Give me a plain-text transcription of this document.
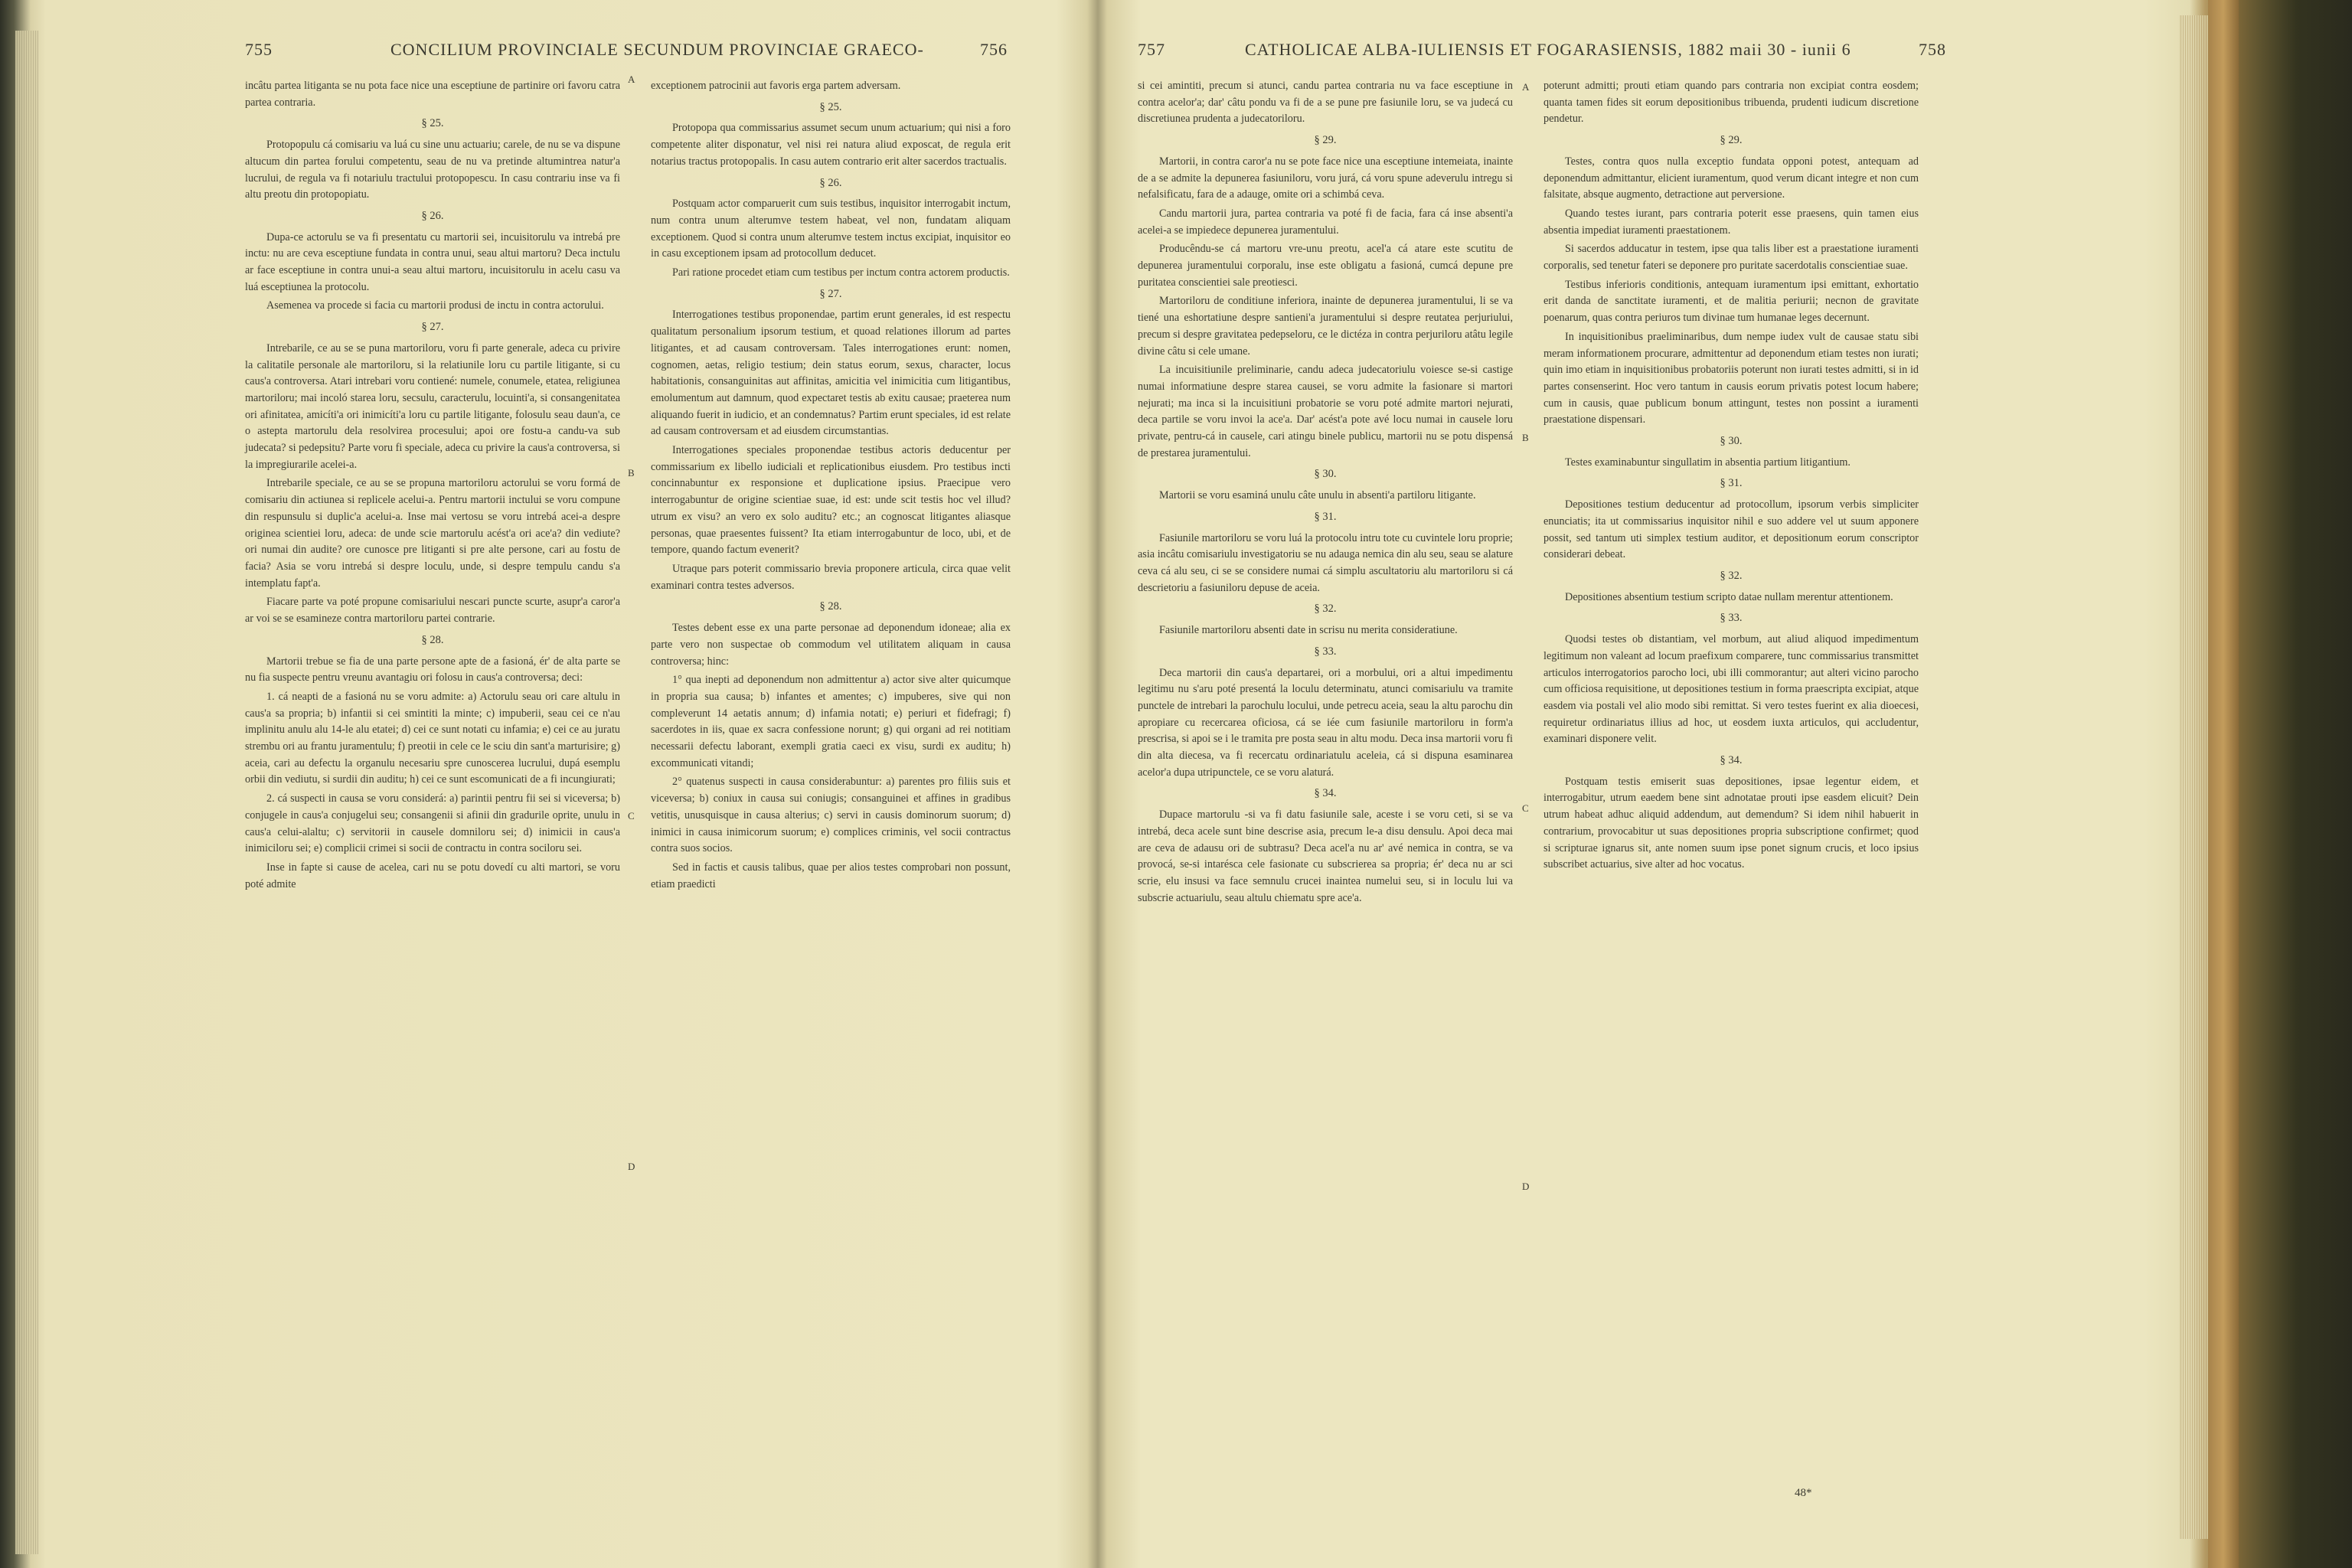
755	CONCILIUM PROVINCIALE SECUNDUM PROVINCIAE GRAECO-	756

incâtu partea litiganta se nu pota face nice una esceptiune de partinire ori favoru catra partea contraria.

§ 25.

Protopopulu cá comisariu va luá cu sine unu actuariu; carele, de nu se va dispune altucum din partea forului competentu, seau de nu va pretinde altumintrea natur'a lucrului, de regula va fi notariulu tractului protopopescu. In casu contrariu inse va fi altu preotu din protopopiatu.

§ 26.

Dupa-ce actorulu se va fi presentatu cu martorii sei, incuisitorulu va intrebá pre inctu: nu are ceva esceptiune fundata in contra unui, seau altui martoru? Deca inctulu ar face esceptiune in contra unui-a seau altui martoru, incuisitorulu in acelu casu va luá esceptiunea la protocolu.

Asemenea va procede si facia cu martorii produsi de inctu in contra actorului.

§ 27.

Intrebarile, ce au se se puna martoriloru, voru fi parte generale, adeca cu privire la calitatile personale ale martoriloru, si la relatiunile loru cu partile litigante, si cu caus'a controversa. Atari intrebari voru contiené: numele, conumele, etatea, religiunea martoriloru; mai incoló starea loru, secsulu, caracterulu, locuinti'a, si consangenitatea ori afinitatea, amicíti'a ori inimicíti'a loru cu partile litigante, folosulu seau daun'a, ce o astepta martorulu dela resolvirea procesului; apoi ore fostu-a candu-va sub judecata? si pedepsitu? Parte voru fi speciale, adeca cu privire la caus'a controversa, si la impregiurarile acelei-a.

Intrebarile speciale, ce au se se propuna martoriloru actorului se voru formá de comisariu din actiunea si replicele acelui-a. Pentru martorii inctului se voru compune din respunsulu si duplic'a acelui-a. Inse mai vertosu se voru intrebá acei-a despre originea scientiei loru, adeca: de unde scie martorulu acést'a ori ace'a? din vediute? ori numai din audite? ore cunosce pre litiganti si pre alte persone, cari au fostu de facia? Asia se voru intrebá si despre loculu, unde, si despre tempulu candu s'a intemplatu fapt'a.

Fiacare parte va poté propune comisariului nescari puncte scurte, asupr'a caror'a ar voi se se esamineze contra martoriloru partei contrarie.

§ 28.

Martorii trebue se fia de una parte persone apte de a fasioná, ér' de alta parte se nu fia suspecte pentru vreunu avantagiu ori folosu in caus'a controversa; deci:

1. cá neapti de a fasioná nu se voru admite: a) Actorulu seau ori care altulu in caus'a sa propria; b) infantii si cei smintiti la minte; c) impuberii, seau cei ce n'au implinitu anulu alu 14-le alu etatei; d) cei ce sunt notati cu infamia; e) cei ce au juratu strembu ori au frantu juramentulu; f) preotii in cele ce le sciu din sant'a marturisire; g) aceia, cari au defectu la organulu necesariu spre cunoscerea lucrului, dupá esemplu orbii din vediutu, si surdii din auditu; h) cei ce sunt escomunicati de a fi incungiurati;

2. cá suspecti in causa se voru considerá: a) parintii pentru fii sei si viceversa; b) conjugele in caus'a conjugelui seu; consangenii si afinii din gradurile oprite, unulu in caus'a celui-alaltu; c) servitorii in causele domniloru sei; d) inimicii in caus'a inimiciloru sei; e) complicii crimei si socii de contractu in contra sociloru sei.

Inse in fapte si cause de acelea, cari nu se potu dovedí cu alti martori, se voru poté admite

exceptionem patrocinii aut favoris erga partem adversam.

§ 25.

Protopopa qua commissarius assumet secum unum actuarium; qui nisi a foro competente aliter disponatur, vel nisi rei natura aliud exposcat, de regula erit notarius tractus protopopalis. In casu autem contrario erit alter sacerdos tractualis.

§ 26.

Postquam actor comparuerit cum suis testibus, inquisitor interrogabit inctum, num contra unum alterumve testem habeat, vel non, fundatam aliquam exceptionem. Quod si contra unum alterumve testem inctus excipiat, inquisitor eo in casu exceptionem ipsam ad protocollum deducet.

Pari ratione procedet etiam cum testibus per inctum contra actorem productis.

§ 27.

Interrogationes testibus proponendae, partim erunt generales, id est respectu qualitatum personalium ipsorum testium, et quoad relationes illorum ad partes litigantes, et ad causam controversam. Tales interrogationes erunt: nomen, cognomen, aetas, religio testium; dein status eorum, sexus, character, locus habitationis, consanguinitas aut affinitas, amicitia vel inimicitia cum litigantibus, emolumentum aut damnum, quod expectaret testis ab exitu causae; praeterea num aliquando fuerit in iudicio, et an condemnatus? Partim erunt speciales, id est relate ad causam controversam et ad eiusdem circumstantias.

Interrogationes speciales proponendae testibus actoris deducentur per commissarium ex libello iudiciali et replicationibus eiusdem. Pro testibus incti concinnabuntur ex responsione et duplicatione ipsius. Praecipue vero interrogabuntur de origine scientiae suae, id est: unde scit testis hoc vel illud? utrum ex visu? an vero ex solo auditu? etc.; an cognoscat litigantes aliasque personas, quae praesentes fuissent? Ita etiam interrogabuntur de loco, ubi, et de tempore, quando factum evenerit?

Utraque pars poterit commissario brevia proponere articula, circa quae velit examinari contra testes adversos.

§ 28.

Testes debent esse ex una parte personae ad deponendum idoneae; alia ex parte vero non suspectae ob commodum vel utilitatem aliquam in causa controversa; hinc:

1° qua inepti ad deponendum non admittentur a) actor sive alter quicumque in propria sua causa; b) infantes et amentes; c) impuberes, sive qui non compleverunt 14 aetatis annum; d) infamia notati; e) periuri et fidefragi; f) sacerdotes in iis, quae ex sacra confessione norunt; g) qui organi ad rei notitiam necessarii defectu laborant, exempli gratia caeci ex visu, surdi ex auditu; h) excommunicati vitandi;

2° quatenus suspecti in causa considerabuntur: a) parentes pro filiis suis et viceversa; b) coniux in causa sui coniugis; consanguinei et affines in gradibus vetitis, unusquisque in causa alterius; c) servi in causis dominorum suorum; d) inimici in causa inimicorum suorum; e) complices criminis, vel socii contractus contra suos socios.

Sed in factis et causis talibus, quae per alios testes comprobari non possunt, etiam praedicti

A
B
C
D
757	CATHOLICAE ALBA-IULIENSIS ET FOGARASIENSIS, 1882 maii 30 - iunii 6	758

si cei amintiti, precum si atunci, candu partea contraria nu va face esceptiune in contra acelor'a; dar' câtu pondu va fi de a se pune pre fasiunile loru, se va judecá cu discretiunea prudenta a judecatoriloru.

§ 29.

Martorii, in contra caror'a nu se pote face nice una esceptiune intemeiata, inainte de a se admite la depunerea fasiuniloru, voru jurá, cá voru spune adeverulu intregu si nefalsificatu, fara de a adauge, omite ori a schimbá ceva.

Candu martorii jura, partea contraria va poté fi de facia, fara cá inse absenti'a acelei-a se impiedece depunerea juramentului.

Producêndu-se cá martoru vre-unu preotu, acel'a cá atare este scutitu de depunerea juramentului corporalu, inse este obligatu a fasioná, cumcá depune pre puritatea conscientiei sale preotiesci.

Martoriloru de conditiune inferiora, inainte de depunerea juramentului, li se va tiené una eshortatiune despre santieni'a juramentului si despre reutatea perjuriului, precum si despre gravitatea pedepseloru, ce le dictéza in contra perjuriloru atâtu legile divine câtu si cele umane.

La incuisitiunile preliminarie, candu adeca judecatoriulu voiesce se-si castige numai informatiune despre starea causei, se voru admite la fasionare si martori nejurati; ma inca si la incuisitiuni probatorie se voru poté admite martori nejurati, deca partile se voru invoi la ace'a. Dar' acést'a pote avé locu numai in causele loru private, pentru-cá in causele, cari atingu binele publicu, martorii nu se potu dispensá de prestarea juramentului.

§ 30.

Martorii se voru esaminá unulu câte unulu in absenti'a partiloru litigante.

§ 31.

Fasiunile martoriloru se voru luá la protocolu intru tote cu cuvintele loru proprie; asia incâtu comisariulu investigatoriu se nu adauga nemica din alu seu, seau se alature ceva cá alu seu, ci se se considere numai cá simplu ascultatoriu alu martoriloru si cá descrietoriu a fasiuniloru depuse de aceia.

§ 32.

Fasiunile martoriloru absenti date in scrisu nu merita consideratiune.

§ 33.

Deca martorii din caus'a departarei, ori a morbului, ori a altui impedimentu legitimu nu s'aru poté presentá la loculu determinatu, atunci comisariulu va tramite punctele de intrebari la parochulu locului, unde petrecu aceia, seau la altu parochu din apropiare cu recercarea oficiosa, cá se iée cum fasiunile martoriloru in form'a prescrisa, si apoi se i le tramita pre posta seau in altu modu. Deca insa martorii voru fi din alta diecesa, va fi recercatu ordinariatulu aceleia, cá si dispuna esaminarea acelor'a dupa utripunctele, ce se voru alaturá.

§ 34.

Dupace martorulu -si va fi datu fasiunile sale, aceste i se voru ceti, si se va intrebá, deca acele sunt bine descrise asia, precum le-a disu densulu. Apoi deca mai are ceva de adausu ori de subtrasu? Deca acel'a nu ar' avé nemica in contra, se va provocá, se-si intarésca cele fasionate cu subscrierea sa propria; ér' deca nu ar sci scrie, elu insusi va face semnulu crucei inaintea numelui seu, si in loculu lui va subscrie actuariulu, seau altulu chiematu spre ace'a.

poterunt admitti; prouti etiam quando pars contraria non excipiat contra eosdem; quanta tamen fides sit eorum depositionibus tribuenda, prudenti iudicum discretione pendetur.

§ 29.

Testes, contra quos nulla exceptio fundata opponi potest, antequam ad deponendum admittantur, elicient iuramentum, quod verum dicant integre et non cum falsitate, absque augmento, detractione aut perversione.

Quando testes iurant, pars contraria poterit esse praesens, quin tamen eius absentia impediat iuramenti praestationem.

Si sacerdos adducatur in testem, ipse qua talis liber est a praestatione iuramenti corporalis, sed tenetur fateri se deponere pro puritate sacerdotalis conscientiae suae.

Testibus inferioris conditionis, antequam iuramentum ipsi emittant, exhortatio erit danda de sanctitate iuramenti, et de malitia periurii; necnon de gravitate poenarum, quas contra periuros tum divinae tum humanae leges decernunt.

In inquisitionibus praeliminaribus, dum nempe iudex vult de causae statu sibi meram informationem procurare, admittentur ad deponendum etiam testes non iurati; quin imo etiam in inquisitionibus probatoriis poterunt non iurati testes admitti, si in id partes consenserint. Hoc vero tantum in causis eorum privatis potest locum habere; cum in causis, quae publicum bonum attingunt, testes non possint a iuramenti praestatione dispensari.

§ 30.

Testes examinabuntur singullatim in absentia partium litigantium.

§ 31.

Depositiones testium deducentur ad protocollum, ipsorum verbis simpliciter enunciatis; ita ut commissarius inquisitor nihil e suo addere vel ut suum apponere possit, sed tantum uti simplex testium auditor, et depositionum eorum conscriptor considerari debeat.

§ 32.

Depositiones absentium testium scripto datae nullam merentur attentionem.

§ 33.

Quodsi testes ob distantiam, vel morbum, aut aliud aliquod impedimentum legitimum non valeant ad locum praefixum comparere, tunc commissarius transmittet articulos interrogatorios parocho loci, ubi illi commorantur; aut alteri vicino parocho cum officiosa requisitione, ut depositiones testium in forma praescripta excipiat, atque easdem via postali vel alio modo sibi remittat. Si vero testes fuerint ex alia dioecesi, requiretur ordinariatus illius ad hoc, ut eosdem iuxta articulos, qui accludentur, examinari disponere velit.

§ 34.

Postquam testis emiserit suas depositiones, ipsae legentur eidem, et interrogabitur, utrum eaedem bene sint adnotatae prouti ipse easdem elicuit? Dein utrum habeat adhuc aliquid addendum, aut demendum? Si idem nihil habuerit in contrarium, provocabitur ut suas depositiones propria subscriptione confirmet; quod si scripturae ignarus sit, ante nomen suum ipse ponet signum crucis, et loco ipsius subscribet actuarius, sive alter ad hoc vocatus.

A
B
C
D
48*
